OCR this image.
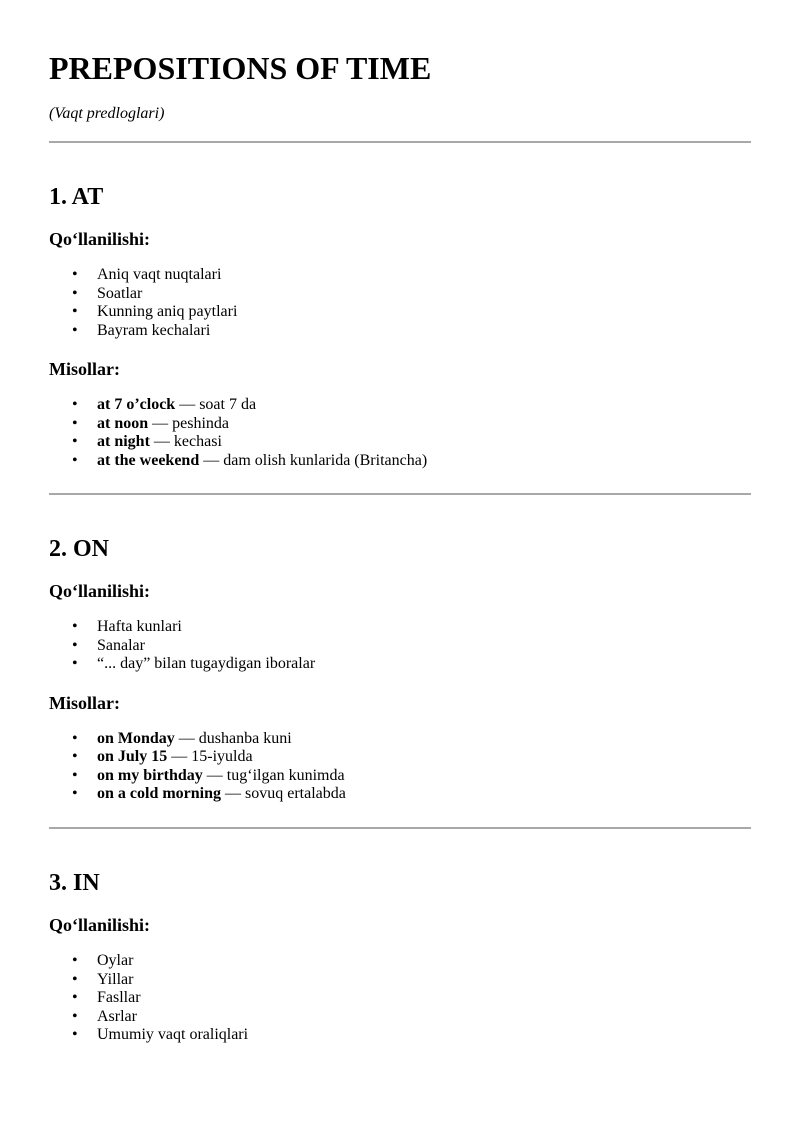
PREPOSITIONS OF TIME

(Vaqt predloglari)

1. AT
Qo‘llanilishi:
• Aniq vaqt nuqtalari
• Soatlar
• Kunning aniq paytlari
• Bayram kechalari
Misollar:
• at 7 o’clock — soat 7 da
• at noon — peshinda
• at night — kechasi
• at the weekend — dam olish kunlarida (Britancha)
2. ON
Qo‘llanilishi:
• Hafta kunlari
• Sanalar
• “... day” bilan tugaydigan iboralar
Misollar:
• on Monday — dushanba kuni
• on July 15 — 15-iyulda
• on my birthday — tug‘ilgan kunimda
• on a cold morning — sovuq ertalabda
3. IN
Qo‘llanilishi:
• Oylar
• Yillar
• Fasllar
• Asrlar
• Umumiy vaqt oraliqlari
